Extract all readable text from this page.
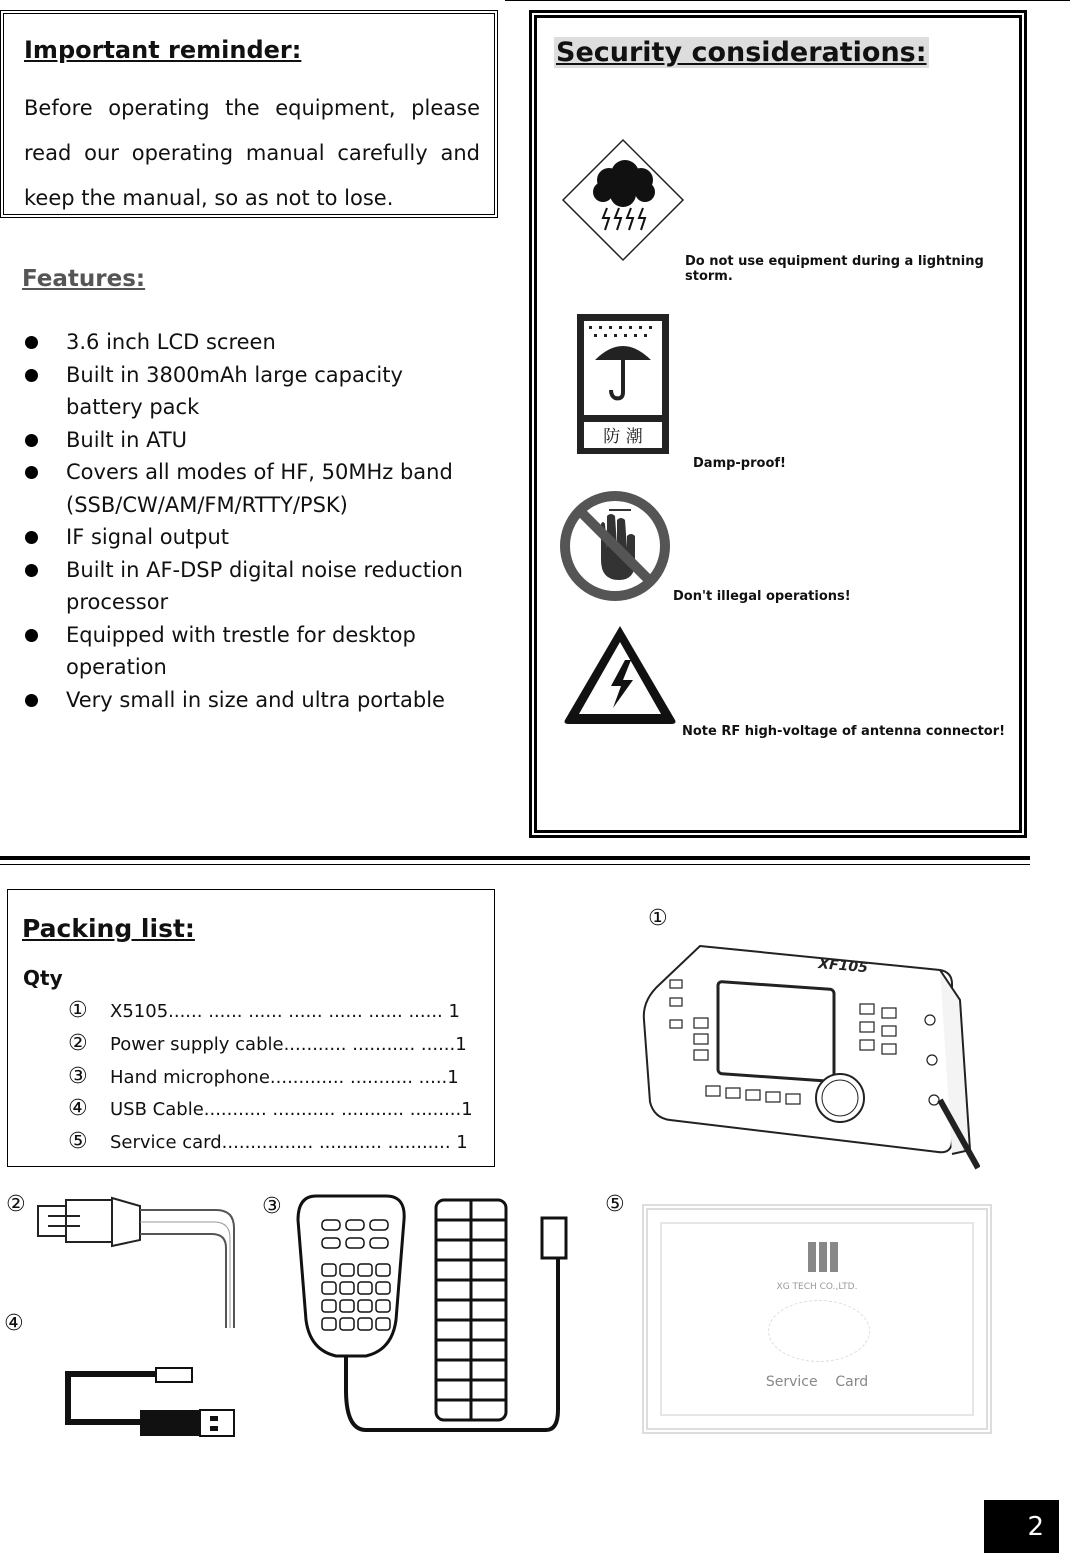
Important reminder:

Before operating the equipment, please read our operating manual carefully and keep the manual, so as not to lose.

Features:
3.6 inch LCD screen
Built in 3800mAh large capacity battery pack
Built in ATU
Covers all modes of HF, 50MHz band (SSB/CW/AM/FM/RTTY/PSK)
IF signal output
Built in AF-DSP digital noise reduction processor
Equipped with trestle for desktop operation
Very small in size and ultra portable
Security considerations:
Do not use equipment during a lightning storm.
防 潮
Damp-proof!
Don't illegal operations!
Note RF high-voltage of antenna connector!
Packing list:
Qty
① X5105...... ...... ...... ...... ...... ...... ...... 1
② Power supply cable........... ........... ......1
③ Hand microphone............. ........... .....1
④ USB Cable........... ........... ........... .........1
⑤ Service card................ ........... ........... 1
①
XF105
②
④
③	⑤
XG TECH CO.,LTD.
Service    Card
2
